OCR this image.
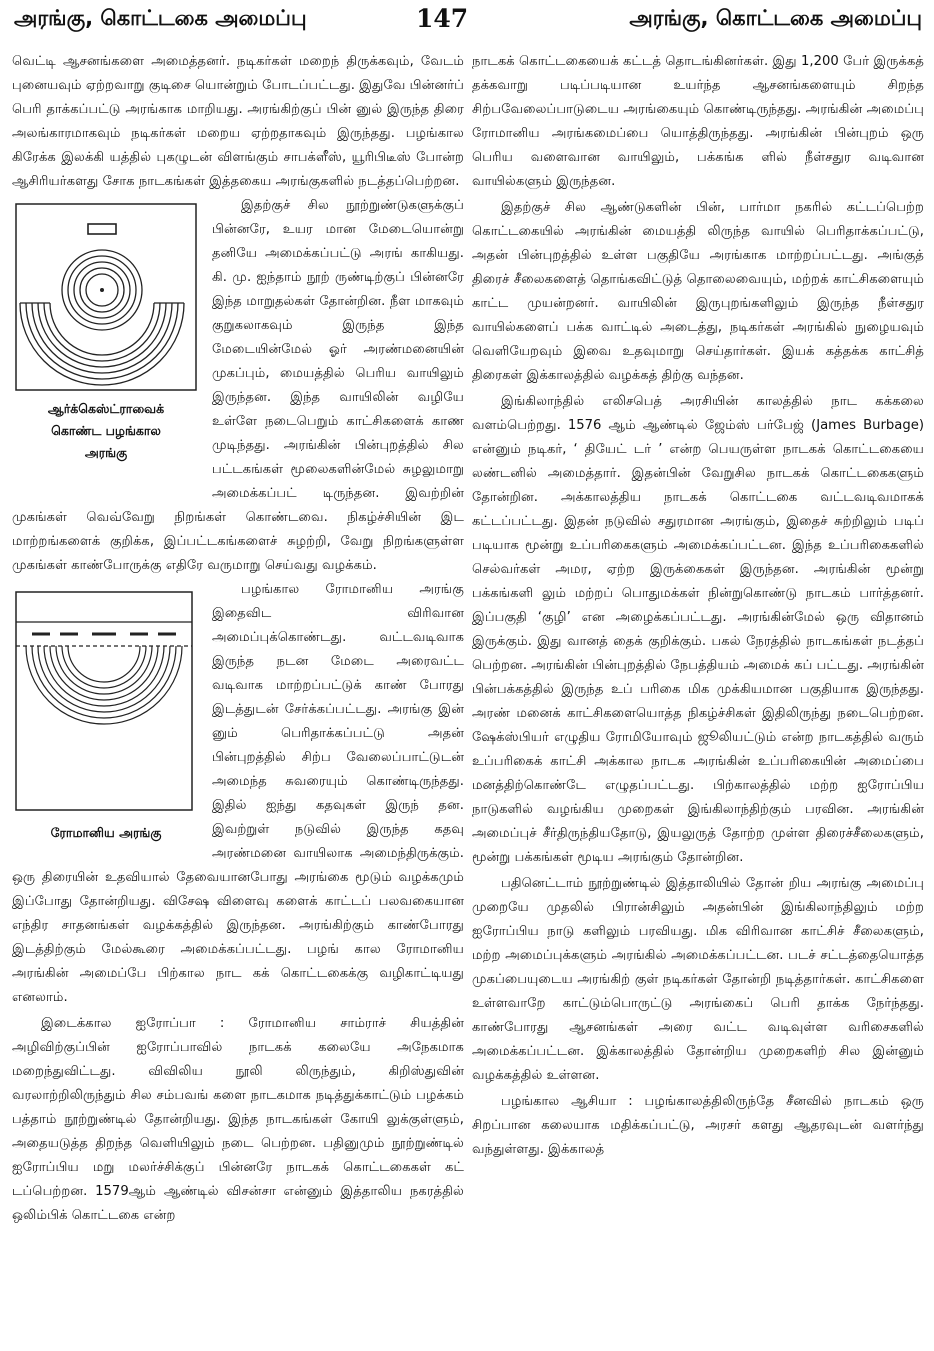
அரங்கு, கொட்டகை அமைப்பு	147	அரங்கு, கொட்டகை அமைப்பு

வெட்டி ஆசனங்களை அமைத்தனர். நடிகர்கள் மறைந் திருக்கவும், வேடம் புனையவும் ஏற்றவாறு குடிசை யொன்றும் போடப்பட்டது. இதுவே பின்னர்ப் பெரி தாக்கப்பட்டு அரங்காக மாறியது. அரங்கிற்குப் பின் னுல் இருந்த திரை அலங்காரமாகவும் நடிகர்கள் மறைய ஏற்றதாகவும் இருந்தது. பழங்கால கிரேக்க இலக்கி யத்தில் புகழுடன் விளங்கும் சாபக்ளீஸ், யூரிபிடீஸ் போன்ற ஆசிரியர்களது சோக நாடகங்கள் இத்தகைய அரங்குகளில் நடத்தப்பெற்றன.

ஆர்க்கெஸ்ட்ராவைக்
கொண்ட பழங்கால
அரங்கு

இதற்குச் சில நூற்றுண்டுகளுக்குப் பின்னரே, உயர மான மேடையொன்று தனியே அமைக்கப்பட்டு அரங் காகியது. கி. மு. ஐந்தாம் நூற் ருண்டிற்குப் பின்னரே இந்த மாறுதல்கள் தோன்றின. நீள மாகவும் குறுகலாகவும் இருந்த இந்த மேடையின்மேல் ஓர் அரண்மனையின் முகப்பும், மையத்தில் பெரிய வாயிலும் இருந்தன. இந்த வாயிலின் வழியே உள்ளே நடைபெறும் காட்சிகளைக் காண முடிந்தது. அரங்கின் பின்புறத்தில் சில பட்டகங்கள் மூலைகளின்மேல் சுழலுமாறு அமைக்கப்பட் டிருந்தன. இவற்றின் முகங்கள் வெவ்வேறு நிறங்கள் கொண்டவை. நிகழ்ச்சியின் இட மாற்றங்களைக் குறிக்க, இப்பட்டகங்களைச் சுழற்றி, வேறு நிறங்களுள்ள முகங்கள் காண்போருக்கு எதிரே வருமாறு செய்வது வழக்கம்.

ரோமானிய அரங்கு

பழங்கால ரோமானிய அரங்கு இதைவிட விரிவான அமைப்புக்கொண்டது. வட்டவடிவாக இருந்த நடன மேடை அரைவட்ட வடிவாக மாற்றப்பட்டுக் காண் போரது இடத்துடன் சேர்க்கப்பட்டது. அரங்கு இன் னும் பெரிதாக்கப்பட்டு அதன் பின்புறத்தில் சிற்ப வேலைப்பாட்டுடன் அமைந்த சுவரையும் கொண்டிருந்தது. இதில் ஐந்து கதவுகள் இருந் தன. இவற்றுள் நடுவில் இருந்த கதவு அரண்மனை வாயிலாக அமைந்திருக்கும். ஒரு திரையின் உதவியால் தேவையானபோது அரங்கை மூடும் வழக்கமும் இப்போது தோன்றியது. விசேஷ விளைவு களைக் காட்டப் பலவகையான எந்திர சாதனங்கள் வழக்கத்தில் இருந்தன. அரங்கிற்கும் காண்போரது இடத்திற்கும் மேல்கூரை அமைக்கப்பட்டது. பழங் கால ரோமானிய அரங்கின் அமைப்பே பிற்கால நாட கக் கொட்டகைக்கு வழிகாட்டியது எனலாம்.

இடைக்கால ஐரோப்பா : ரோமானிய சாம்ராச் சியத்தின் அழிவிற்குப்பின் ஐரோப்பாவில் நாடகக் கலையே அநேகமாக மறைந்துவிட்டது. விவிலிய நூலி லிருந்தும், கிறிஸ்துவின் வரலாற்றிலிருந்தும் சில சம்பவங் களை நாடகமாக நடித்துக்காட்டும் பழக்கம் பத்தாம் நூற்றுண்டில் தோன்றியது. இந்த நாடகங்கள் கோயி லுக்குள்ளும், அதையடுத்த திறந்த வெளியிலும் நடை பெற்றன. பதினுமும் நூற்றுண்டில் ஐரோப்பிய மறு மலர்ச்சிக்குப் பின்னரே நாடகக் கொட்டகைகள் கட் டப்பெற்றன. 1579ஆம் ஆண்டில் விசன்சா என்னும் இத்தாலிய நகரத்தில் ஒலிம்பிக் கொட்டகை என்ற

நாடகக் கொட்டகையைக் கட்டத் தொடங்கினர்கள். இது 1,200 பேர் இருக்கத் தக்கவாறு படிப்படியான உயர்ந்த ஆசனங்களையும் சிறந்த சிற்பவேலைப்பாடுடைய அரங்கையும் கொண்டிருந்தது. அரங்கின் அமைப்பு ரோமானிய அரங்கமைப்பை யொத்திருந்தது. அரங்கின் பின்புறம் ஒரு பெரிய வளைவான வாயிலும், பக்கங்க ளில் நீள்சதுர வடிவான வாயில்களும் இருந்தன.

இதற்குச் சில ஆண்டுகளின் பின், பார்மா நகரில் கட்டப்பெற்ற கொட்டகையில் அரங்கின் மையத்தி லிருந்த வாயில் பெரிதாக்கப்பட்டு, அதன் பின்புறத்தில் உள்ள பகுதியே அரங்காக மாற்றப்பட்டது. அங்குத் திரைச் சீலைகளைத் தொங்கவிட்டுத் தொலைவையும், மற்றக் காட்சிகளையும் காட்ட முயன்றனர். வாயிலின் இருபுறங்களிலும் இருந்த நீள்சதுர வாயில்களைப் பக்க வாட்டில் அடைத்து, நடிகர்கள் அரங்கில் நுழையவும் வெளியேறவும் இவை உதவுமாறு செய்தார்கள். இயக் கத்தக்க காட்சித் திரைகள் இக்காலத்தில் வழக்கத் திற்கு வந்தன.

இங்கிலாந்தில் எலிசபெத் அரசியின் காலத்தில் நாட கக்கலை வளம்பெற்றது. 1576 ஆம் ஆண்டில் ஜேம்ஸ் பர்பேஜ் (James Burbage) என்னும் நடிகர், ‘ தியேட் டர் ’ என்ற பெயருள்ள நாடகக் கொட்டகையை லண்டனில் அமைத்தார். இதன்பின் வேறுசில நாடகக் கொட்டகைகளும் தோன்றின. அக்காலத்திய நாடகக் கொட்டகை வட்டவடிவமாகக் கட்டப்பட்டது. இதன் நடுவில் சதுரமான அரங்கும், இதைச் சுற்றிலும் படிப் படியாக மூன்று உப்பரிகைகளும் அமைக்கப்பட்டன. இந்த உப்பரிகைகளில் செல்வர்கள் அமர, ஏற்ற இருக்கைகள் இருந்தன. அரங்கின் மூன்று பக்கங்களி லும் மற்றப் பொதுமக்கள் நின்றுகொண்டு நாடகம் பார்த்தனர். இப்பகுதி ‘குழி’ என அழைக்கப்பட்டது. அரங்கின்மேல் ஒரு விதானம் இருக்கும். இது வானத் தைக் குறிக்கும். பகல் நேரத்தில் நாடகங்கள் நடத்தப் பெற்றன. அரங்கின் பின்புறத்தில் நேபத்தியம் அமைக் கப் பட்டது. அரங்கின் பின்பக்கத்தில் இருந்த உப் பரிகை மிக முக்கியமான பகுதியாக இருந்தது. அரண் மனைக் காட்சிகளையொத்த நிகழ்ச்சிகள் இதிலிருந்து நடைபெற்றன. ஷேக்ஸ்பியர் எழுதிய ரோமியோவும் ஜூலியட்டும் என்ற நாடகத்தில் வரும் உப்பரிகைக் காட்சி அக்கால நாடக அரங்கின் உப்பரிகையின் அமைப்பை மனத்திற்கொண்டே எழுதப்பட்டது. பிற்காலத்தில் மற்ற ஐரோப்பிய நாடுகளில் வழங்கிய முறைகள் இங்கிலாந்திற்கும் பரவின. அரங்கின் அமைப்புச் சீர்திருந்தியதோடு, இயலுருத் தோற்ற முள்ள திரைச்சீலைகளும், மூன்று பக்கங்கள் மூடிய அரங்கும் தோன்றின.

பதினெட்டாம் நூற்றுண்டில் இத்தாலியில் தோன் றிய அரங்கு அமைப்பு முறையே முதலில் பிரான்சிலும் அதன்பின் இங்கிலாந்திலும் மற்ற ஐரோப்பிய நாடு களிலும் பரவியது. மிக விரிவான காட்சிச் சீலைகளும், மற்ற அமைப்புக்களும் அரங்கில் அமைக்கப்பட்டன. படச் சட்டத்தையொத்த முகப்பையுடைய அரங்கிற் குள் நடிகர்கள் தோன்றி நடித்தார்கள். காட்சிகளை உள்ளவாறே காட்டும்பொருட்டு அரங்கைப் பெரி தாக்க நேர்ந்தது. காண்போரது ஆசனங்கள் அரை வட்ட வடிவுள்ள வரிசைகளில் அமைக்கப்பட்டன. இக்காலத்தில் தோன்றிய முறைகளிற் சில இன்னும் வழக்கத்தில் உள்ளன.

பழங்கால ஆசியா : பழங்காலத்திலிருந்தே சீனவில் நாடகம் ஒரு சிறப்பான கலையாக மதிக்கப்பட்டு, அரசர் களது ஆதரவுடன் வளர்ந்து வந்துள்ளது. இக்காலத்
